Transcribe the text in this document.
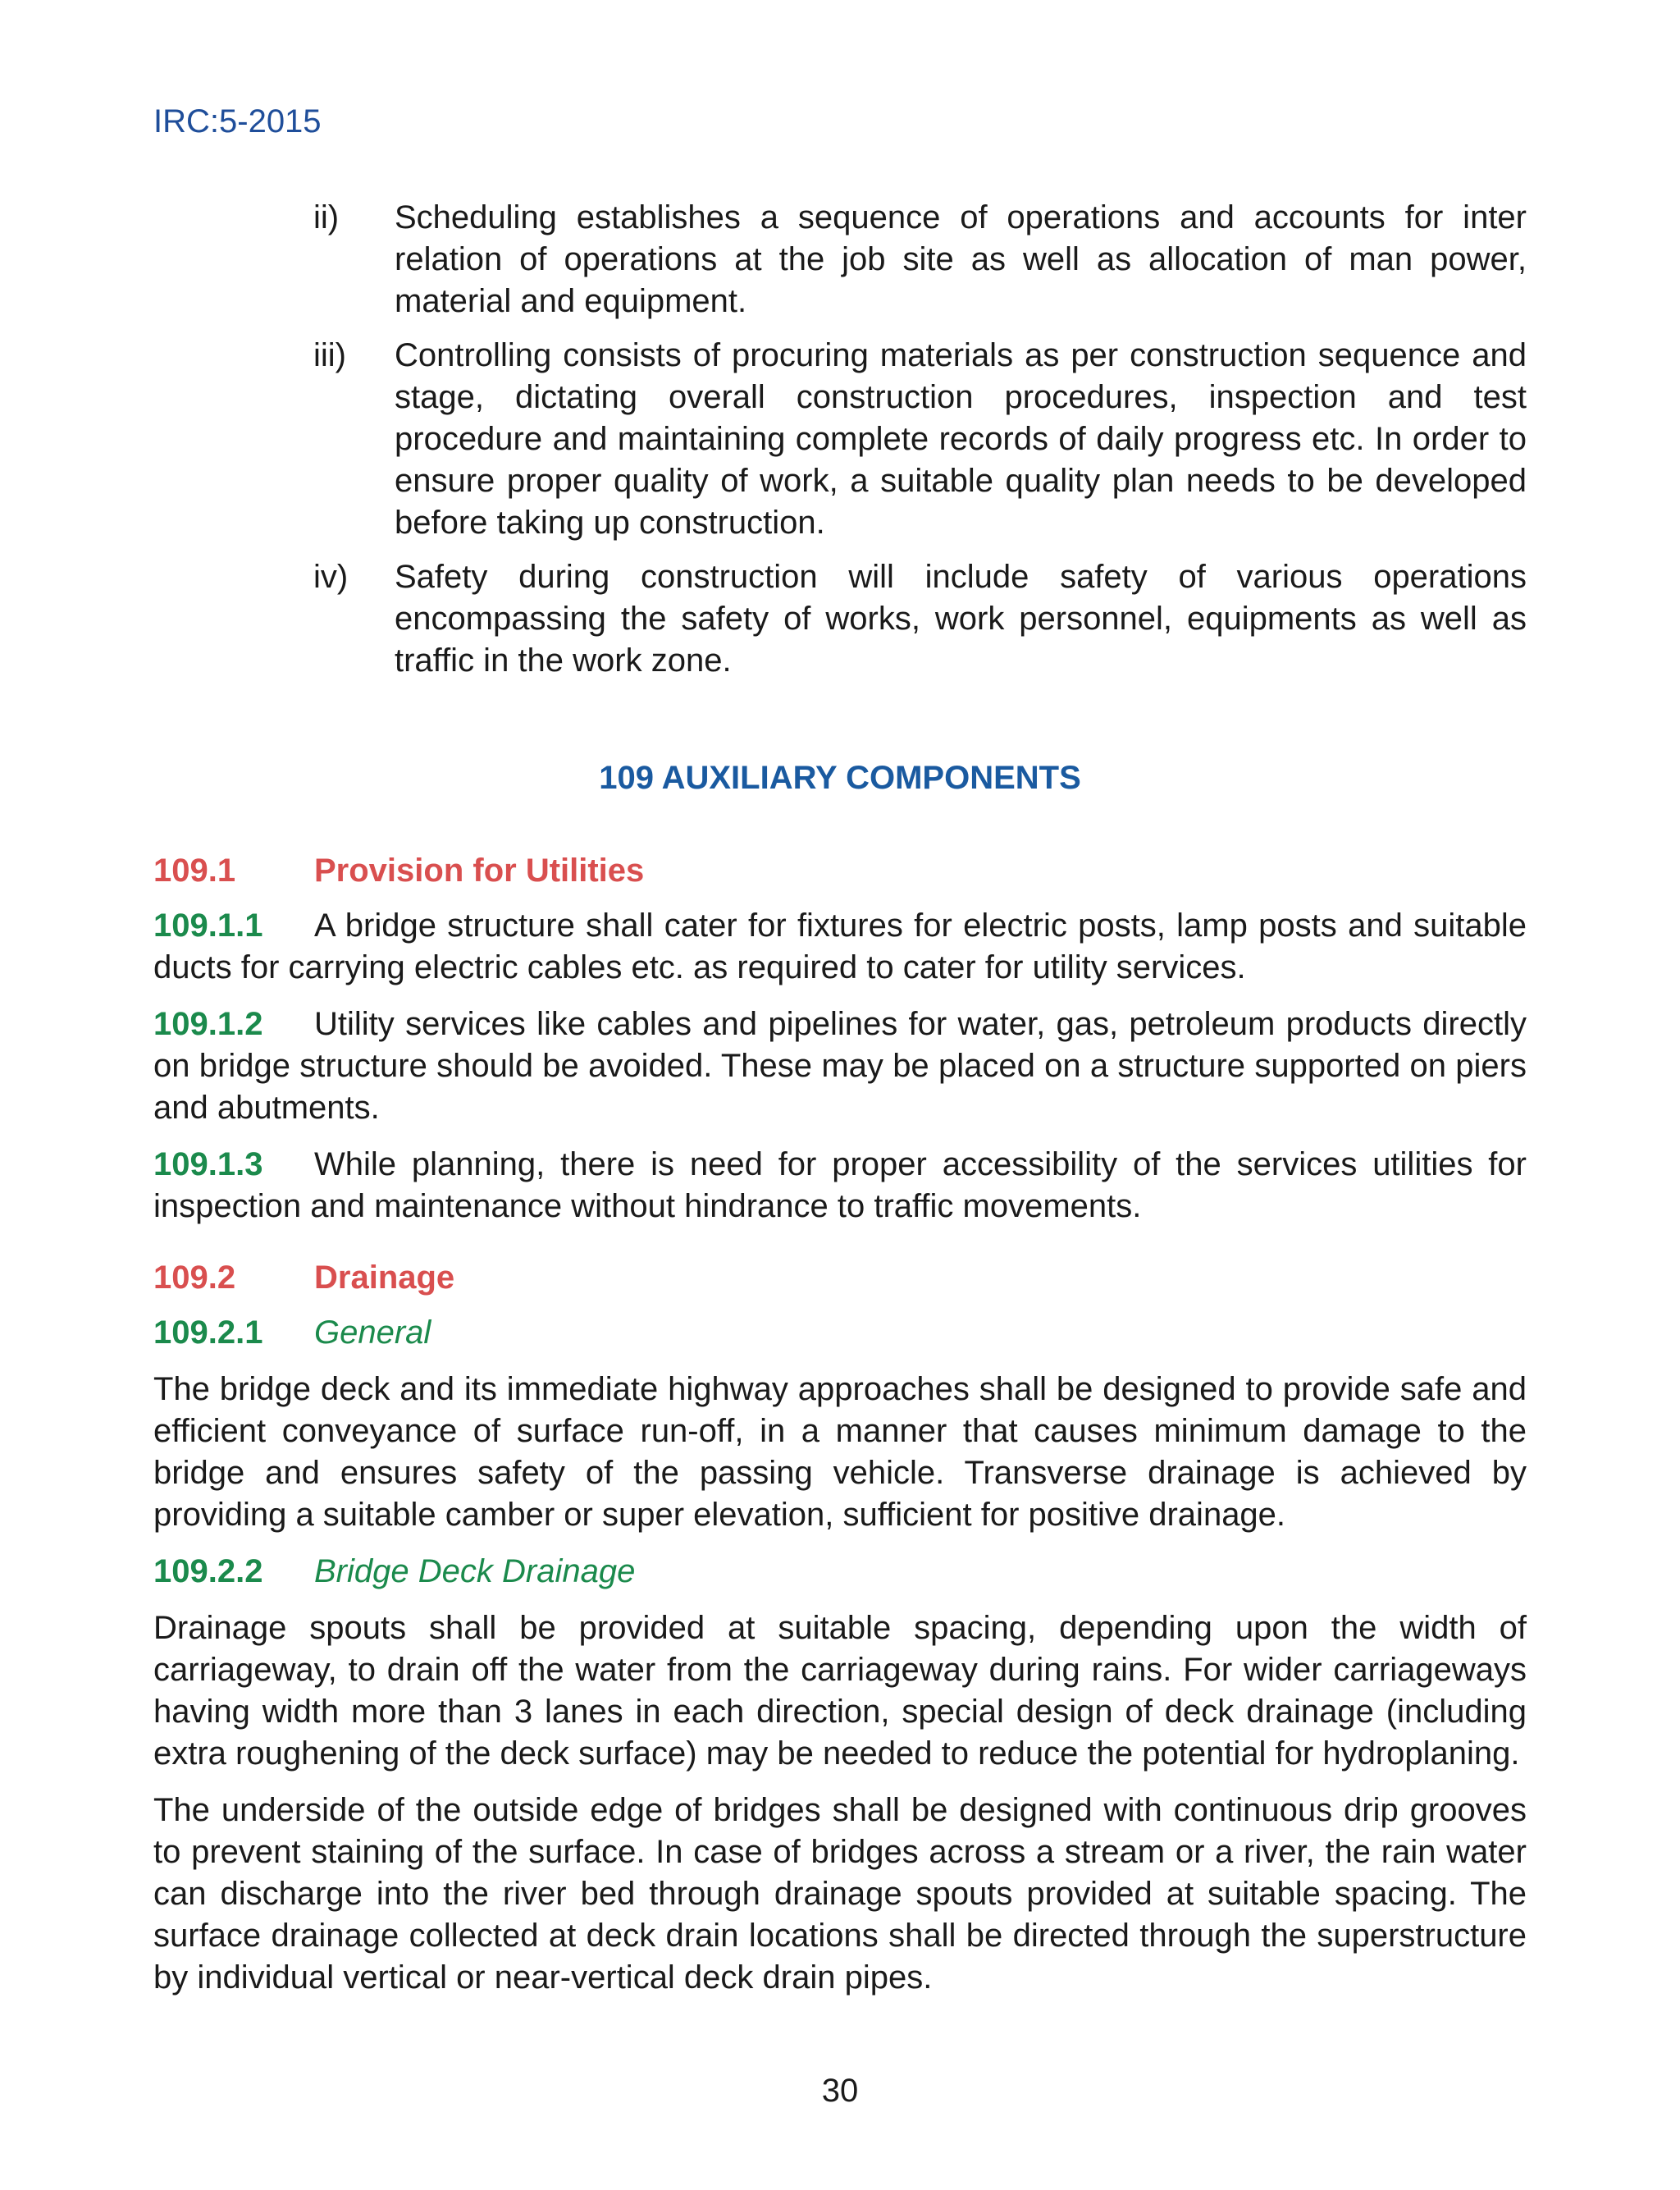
IRC:5-2015
ii) Scheduling establishes a sequence of operations and accounts for inter relation of operations at the job site as well as allocation of man power, material and equipment.
iii) Controlling consists of procuring materials as per construction sequence and stage, dictating overall construction procedures, inspection and test procedure and maintaining complete records of daily progress etc. In order to ensure proper quality of work, a suitable quality plan needs to be developed before taking up construction.
iv) Safety during construction will include safety of various operations encompassing the safety of works, work personnel, equipments as well as traffic in the work zone.
109 AUXILIARY COMPONENTS
109.1 Provision for Utilities
109.1.1 A bridge structure shall cater for fixtures for electric posts, lamp posts and suitable ducts for carrying electric cables etc. as required to cater for utility services.
109.1.2 Utility services like cables and pipelines for water, gas, petroleum products directly on bridge structure should be avoided. These may be placed on a structure supported on piers and abutments.
109.1.3 While planning, there is need for proper accessibility of the services utilities for inspection and maintenance without hindrance to traffic movements.
109.2 Drainage
109.2.1 General
The bridge deck and its immediate highway approaches shall be designed to provide safe and efficient conveyance of surface run-off, in a manner that causes minimum damage to the bridge and ensures safety of the passing vehicle. Transverse drainage is achieved by providing a suitable camber or super elevation, sufficient for positive drainage.
109.2.2 Bridge Deck Drainage
Drainage spouts shall be provided at suitable spacing, depending upon the width of carriageway, to drain off the water from the carriageway during rains. For wider carriageways having width more than 3 lanes in each direction, special design of deck drainage (including extra roughening of the deck surface) may be needed to reduce the potential for hydroplaning.
The underside of the outside edge of bridges shall be designed with continuous drip grooves to prevent staining of the surface. In case of bridges across a stream or a river, the rain water can discharge into the river bed through drainage spouts provided at suitable spacing. The surface drainage collected at deck drain locations shall be directed through the superstructure by individual vertical or near-vertical deck drain pipes.
30
